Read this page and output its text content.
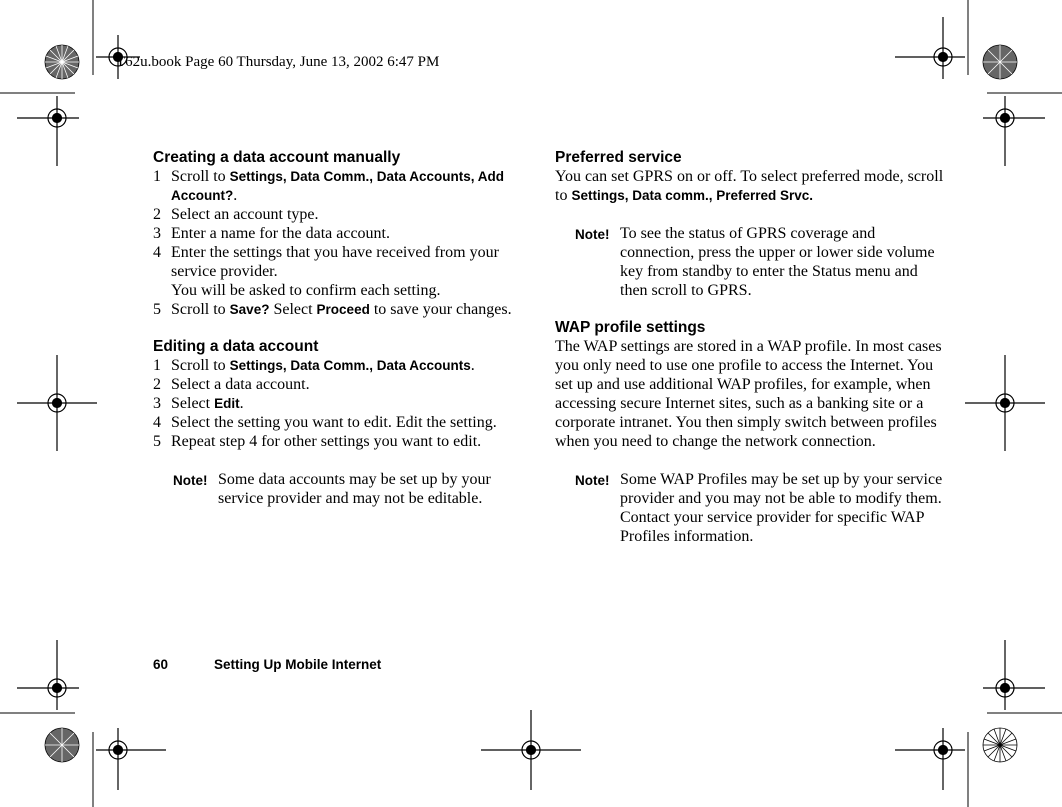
T62u.book Page 60 Thursday, June 13, 2002 6:47 PM
Creating a data account manually
1 Scroll to Settings, Data Comm., Data Accounts, Add Account?.
2 Select an account type.
3 Enter a name for the data account.
4 Enter the settings that you have received from your service provider.
You will be asked to confirm each setting.
5 Scroll to Save? Select Proceed to save your changes.
Editing a data account
1 Scroll to Settings, Data Comm., Data Accounts.
2 Select a data account.
3 Select Edit.
4 Select the setting you want to edit. Edit the setting.
5 Repeat step 4 for other settings you want to edit.
Note! Some data accounts may be set up by your service provider and may not be editable.

Preferred service

You can set GPRS on or off. To select preferred mode, scroll to Settings, Data comm., Preferred Srvc.

Note! To see the status of GPRS coverage and connection, press the upper or lower side volume key from standby to enter the Status menu and then scroll to GPRS.

WAP profile settings

The WAP settings are stored in a WAP profile. In most cases you only need to use one profile to access the Internet. You set up and use additional WAP profiles, for example, when accessing secure Internet sites, such as a banking site or a corporate intranet. You then simply switch between profiles when you need to change the network connection.

Note! Some WAP Profiles may be set up by your service provider and you may not be able to modify them. Contact your service provider for specific WAP Profiles information.

60	Setting Up Mobile Internet
